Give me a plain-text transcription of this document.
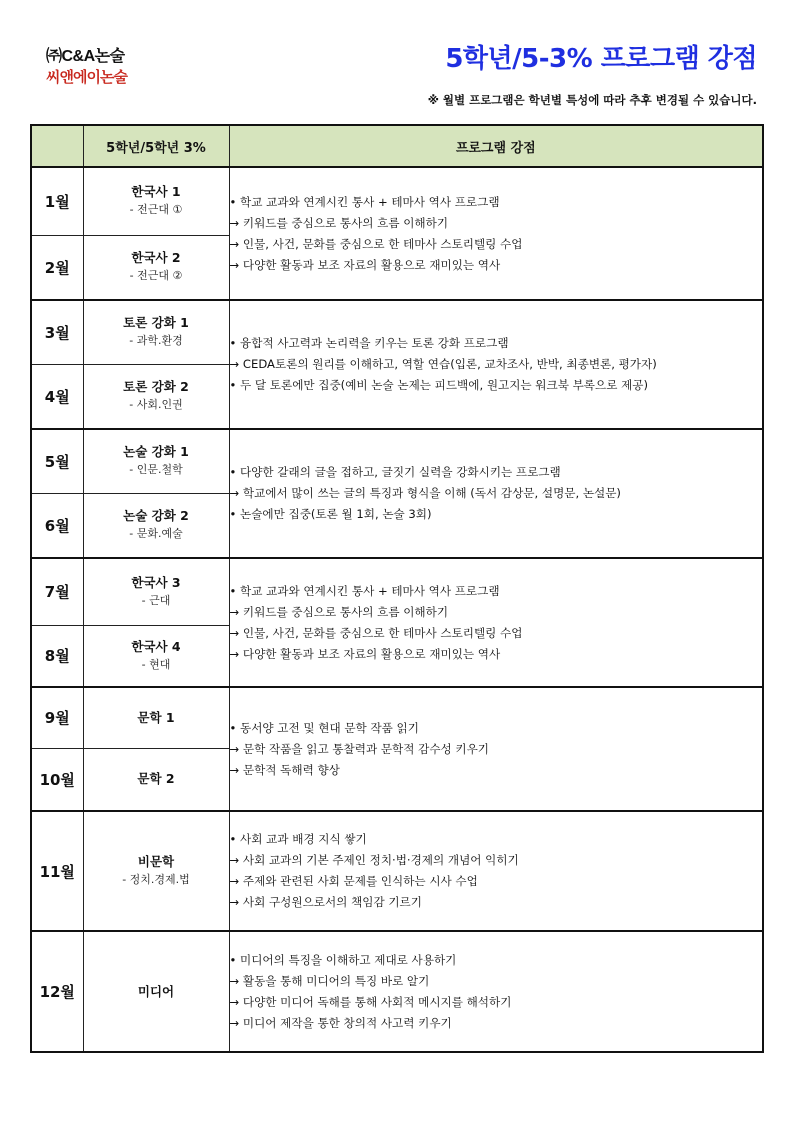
㈜C&A논술
씨앤에이논술
5학년/5-3% 프로그램 강점
※ 월별 프로그램은 학년별 특성에 따라 추후 변경될 수 있습니다.
	5학년/5학년 3%	프로그램 강점
1월	한국사 1
- 전근대 ①	• 학교 교과와 연계시킨 통사 + 테마사 역사 프로그램
→ 키워드를 중심으로 통사의 흐름 이해하기
→ 인물, 사건, 문화를 중심으로 한 테마사 스토리텔링 수업
→ 다양한 활동과 보조 자료의 활용으로 재미있는 역사

2월	한국사 2
- 전근대 ②	

3월	토론 강화 1
- 과학.환경	• 융합적 사고력과 논리력을 키우는 토론 강화 프로그램
→ CEDA토론의 원리를 이해하고, 역할 연습(입론, 교차조사, 반박, 최종변론, 평가자)
• 두 달 토론에만 집중(예비 논술 논제는 피드백에, 원고지는 워크북 부록으로 제공)

4월	토론 강화 2
- 사회.인권	

5월	논술 강화 1
- 인문.철학	• 다양한 갈래의 글을 접하고, 글짓기 실력을 강화시키는 프로그램
→ 학교에서 많이 쓰는 글의 특징과 형식을 이해 (독서 감상문, 설명문, 논설문)
• 논술에만 집중(토론 월 1회, 논술 3회)

6월	논술 강화 2
- 문화.예술	

7월	한국사 3
- 근대	• 학교 교과와 연계시킨 통사 + 테마사 역사 프로그램
→ 키워드를 중심으로 통사의 흐름 이해하기
→ 인물, 사건, 문화를 중심으로 한 테마사 스토리텔링 수업
→ 다양한 활동과 보조 자료의 활용으로 재미있는 역사

8월	한국사 4
- 현대	

9월	문학 1	• 동서양 고전 및 현대 문학 작품 읽기
→ 문학 작품을 읽고 통찰력과 문학적 감수성 키우기
→ 문학적 독해력 향상

10월	문학 2	

11월	비문학
- 정치.경제.법	• 사회 교과 배경 지식 쌓기
→ 사회 교과의 기본 주제인 정치·법·경제의 개념어 익히기
→ 주제와 관련된 사회 문제를 인식하는 시사 수업
→ 사회 구성원으로서의 책임감 기르기

12월	미디어	• 미디어의 특징을 이해하고 제대로 사용하기
→ 활동을 통해 미디어의 특징 바로 알기
→ 다양한 미디어 독해를 통해 사회적 메시지를 해석하기
→ 미디어 제작을 통한 창의적 사고력 키우기
